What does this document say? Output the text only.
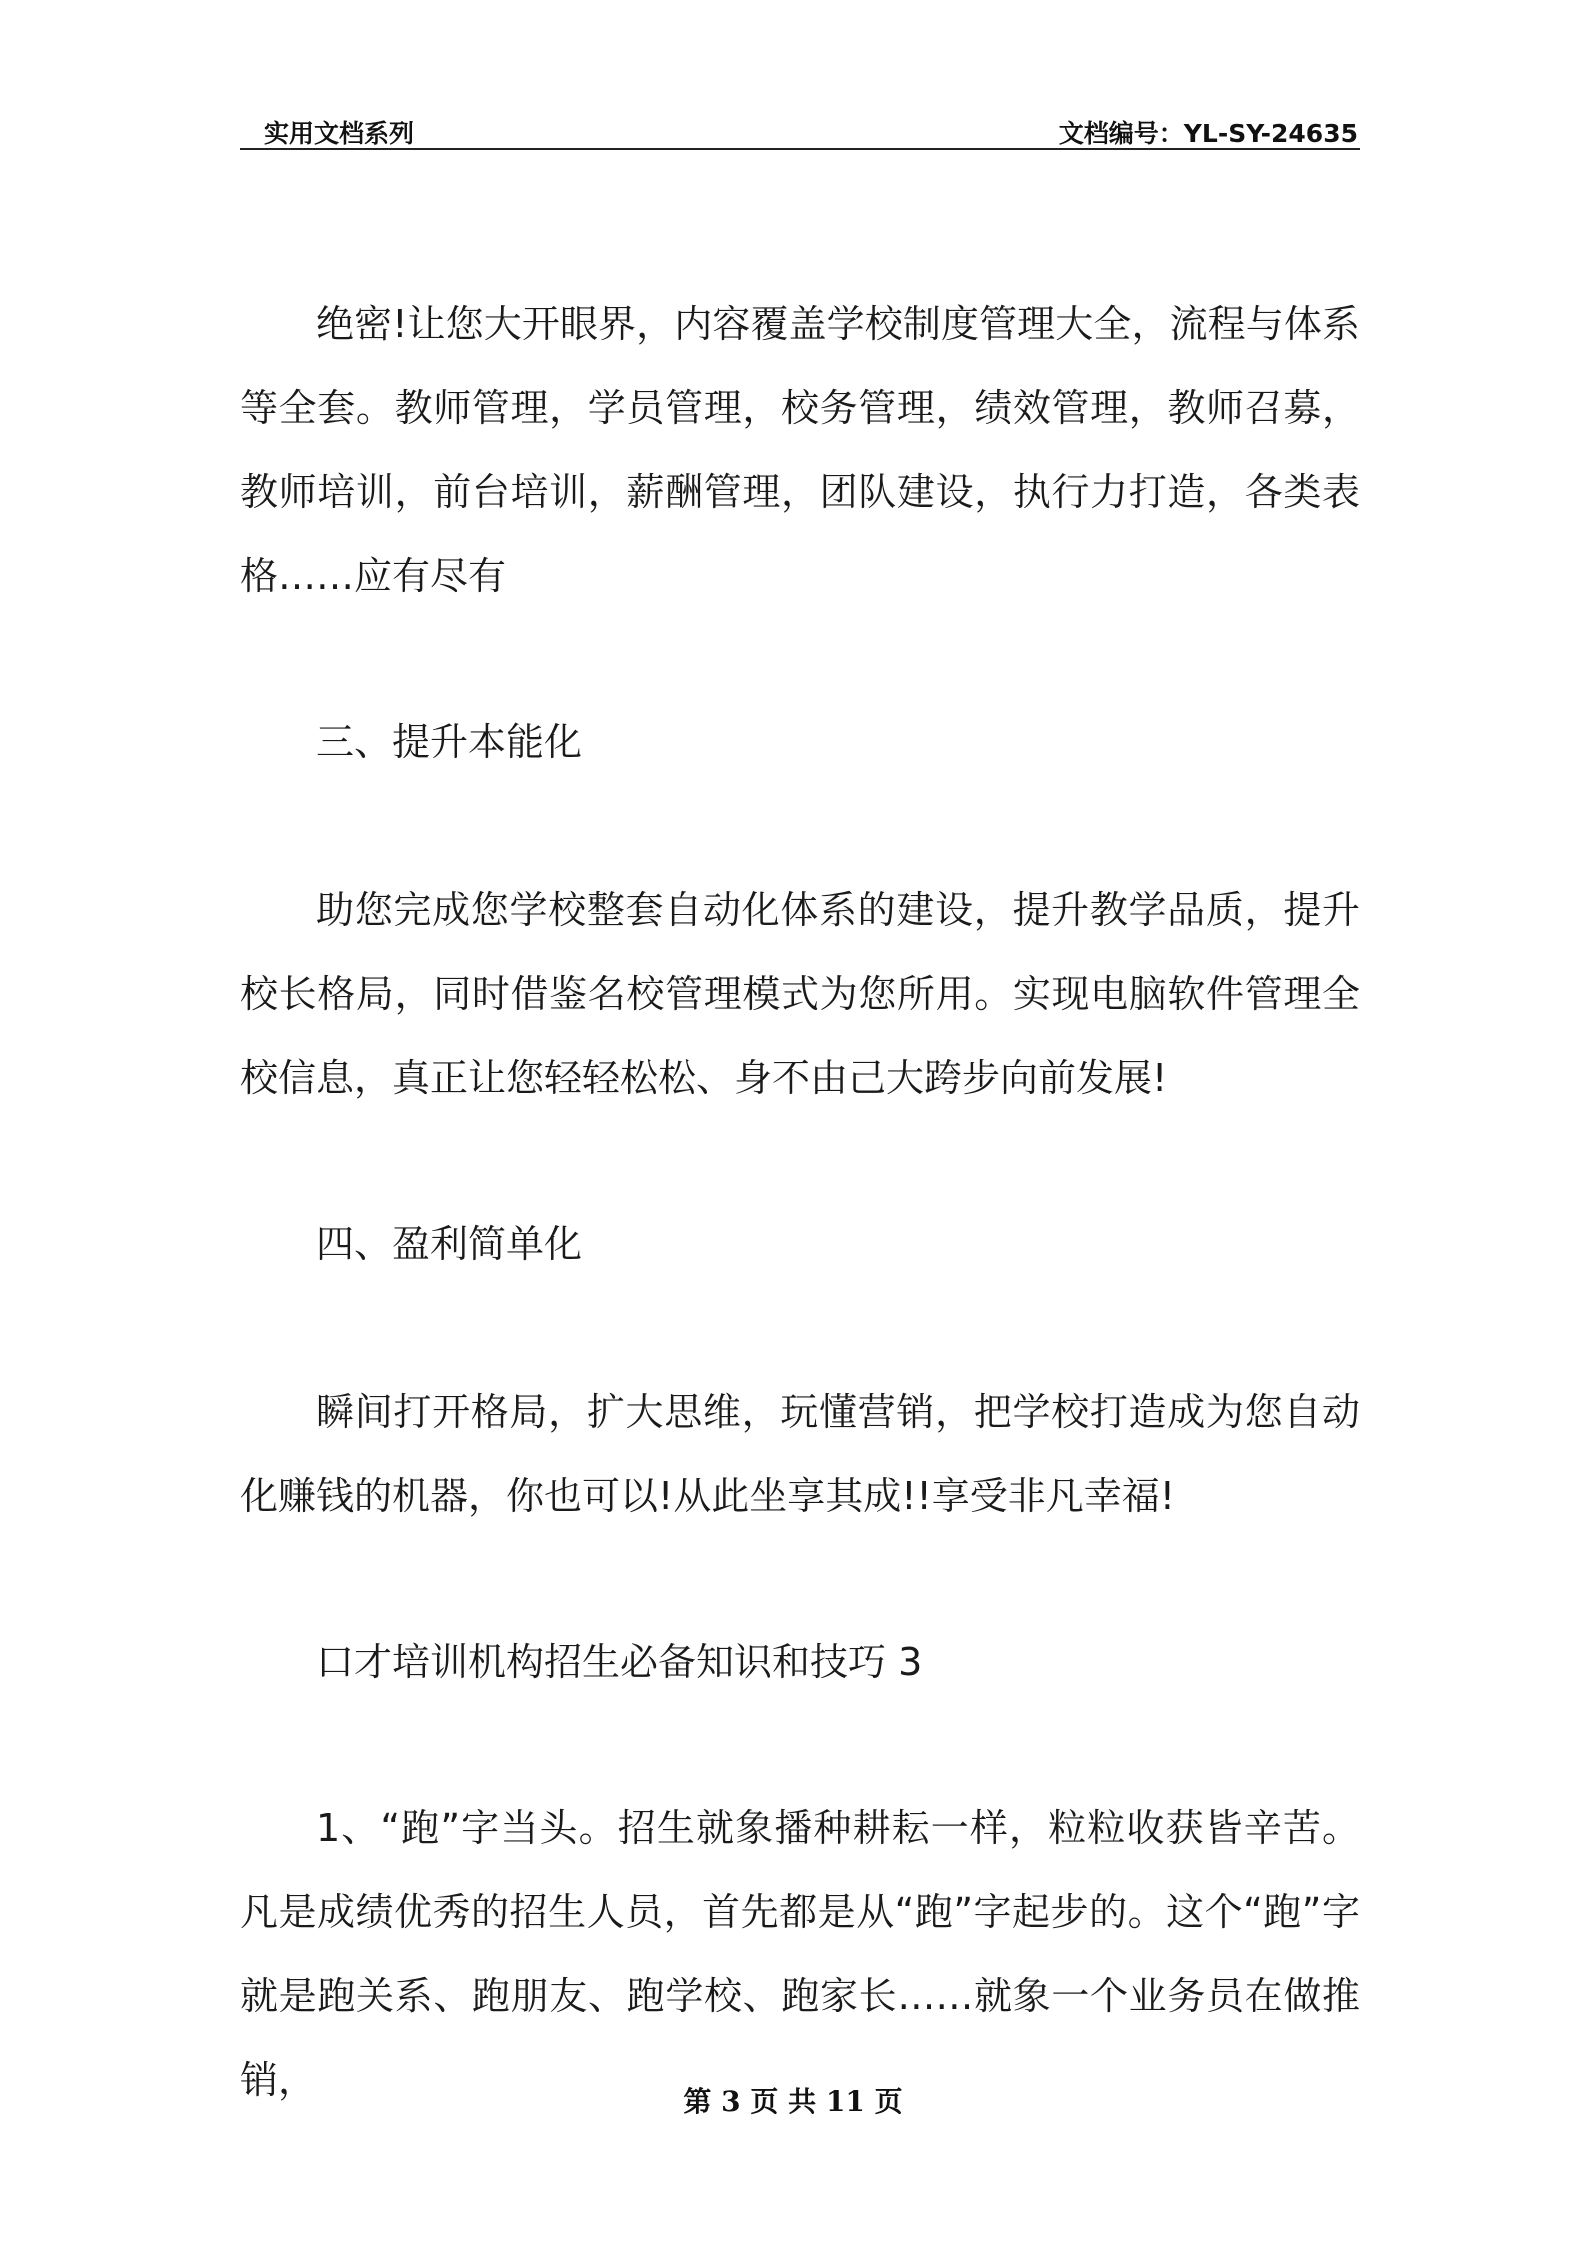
实用文档系列	文档编号：YL-SY-24635

绝密!让您大开眼界，内容覆盖学校制度管理大全，流程与体系等全套。教师管理，学员管理，校务管理，绩效管理，教师召募，教师培训，前台培训，薪酬管理，团队建设，执行力打造，各类表格……应有尽有

三、提升本能化

助您完成您学校整套自动化体系的建设，提升教学品质，提升校长格局，同时借鉴名校管理模式为您所用。实现电脑软件管理全校信息，真正让您轻轻松松、身不由己大跨步向前发展!

四、盈利简单化

瞬间打开格局，扩大思维，玩懂营销，把学校打造成为您自动化赚钱的机器，你也可以!从此坐享其成!!享受非凡幸福!

口才培训机构招生必备知识和技巧 3

1、“跑”字当头。招生就象播种耕耘一样，粒粒收获皆辛苦。凡是成绩优秀的招生人员，首先都是从“跑”字起步的。这个“跑”字就是跑关系、跑朋友、跑学校、跑家长……就象一个业务员在做推销，	第 3 页 共 11 页
